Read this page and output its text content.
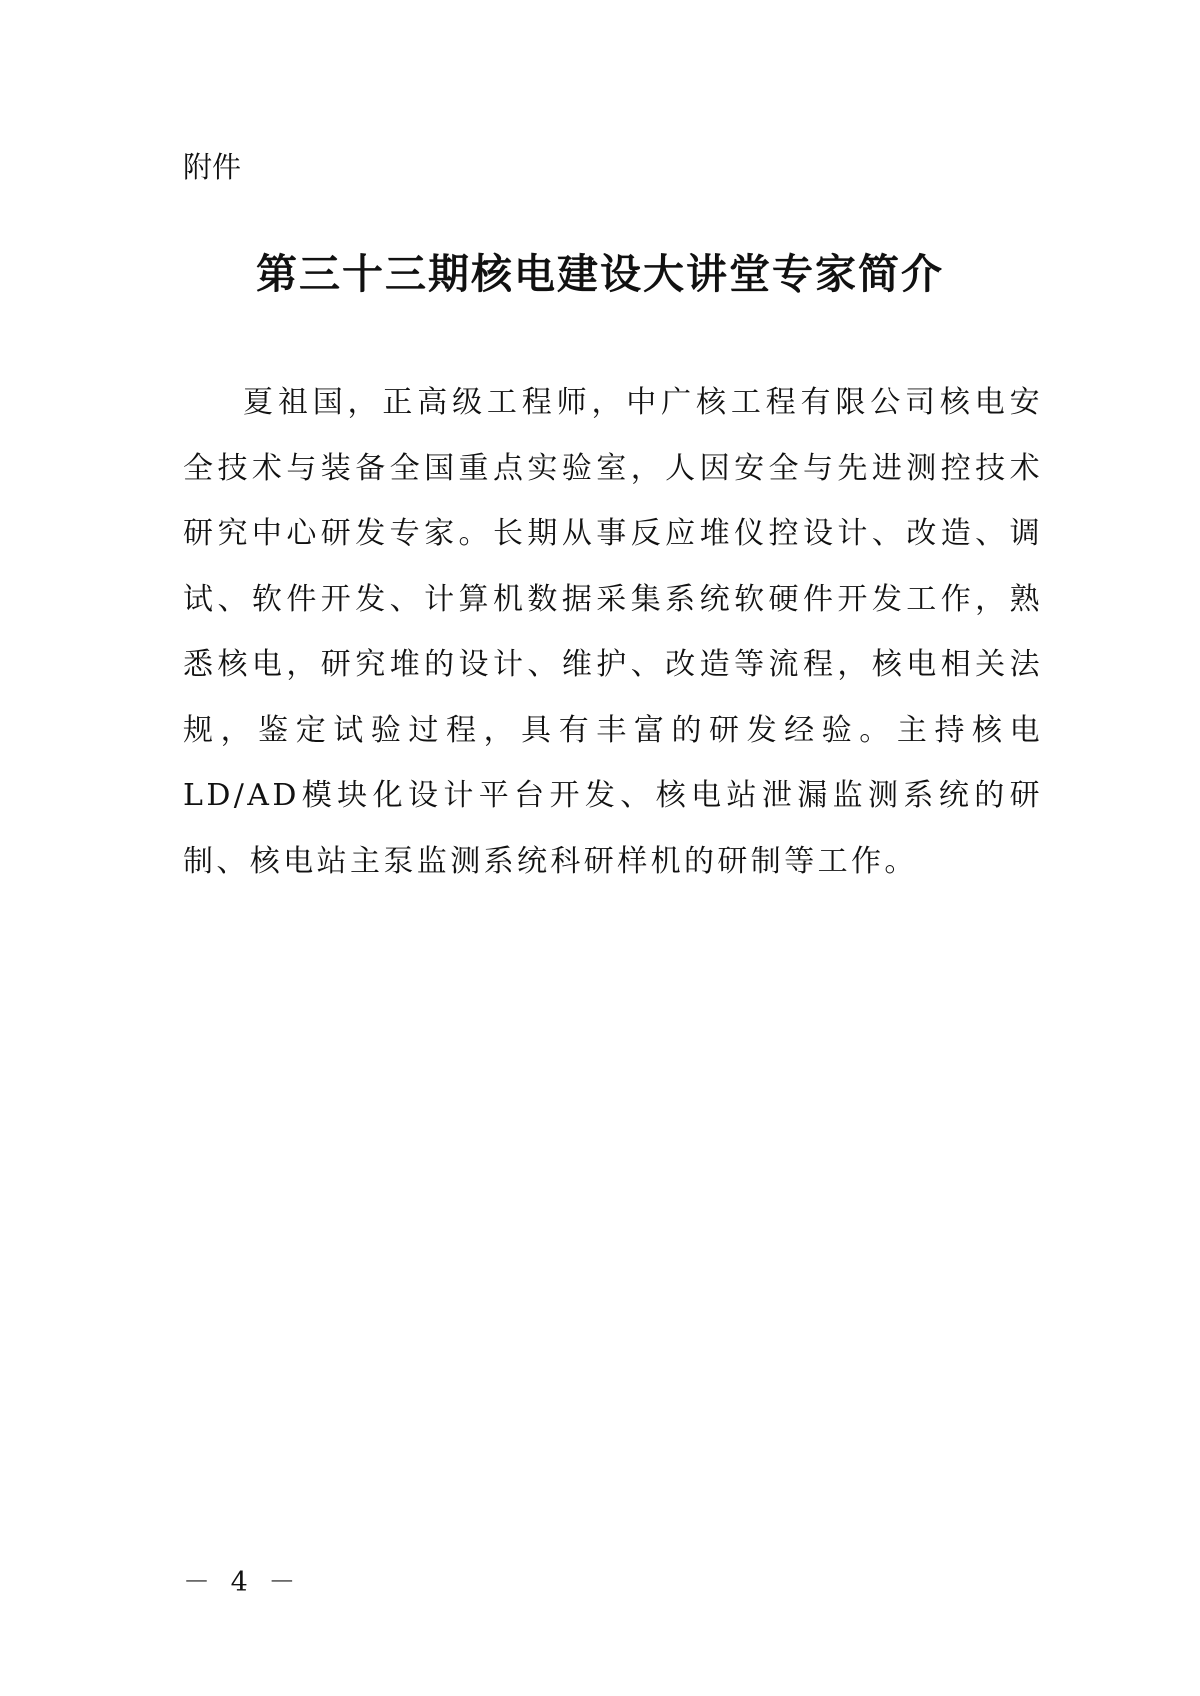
附件
第三十三期核电建设大讲堂专家简介

夏祖国，正高级工程师，中广核工程有限公司核电安全技术与装备全国重点实验室，人因安全与先进测控技术研究中心研发专家。长期从事反应堆仪控设计、改造、调试、软件开发、计算机数据采集系统软硬件开发工作，熟悉核电，研究堆的设计、维护、改造等流程，核电相关法规，鉴定试验过程，具有丰富的研发经验。主持核电LD/AD模块化设计平台开发、核电站泄漏监测系统的研制、核电站主泵监测系统科研样机的研制等工作。

－ 4 －
